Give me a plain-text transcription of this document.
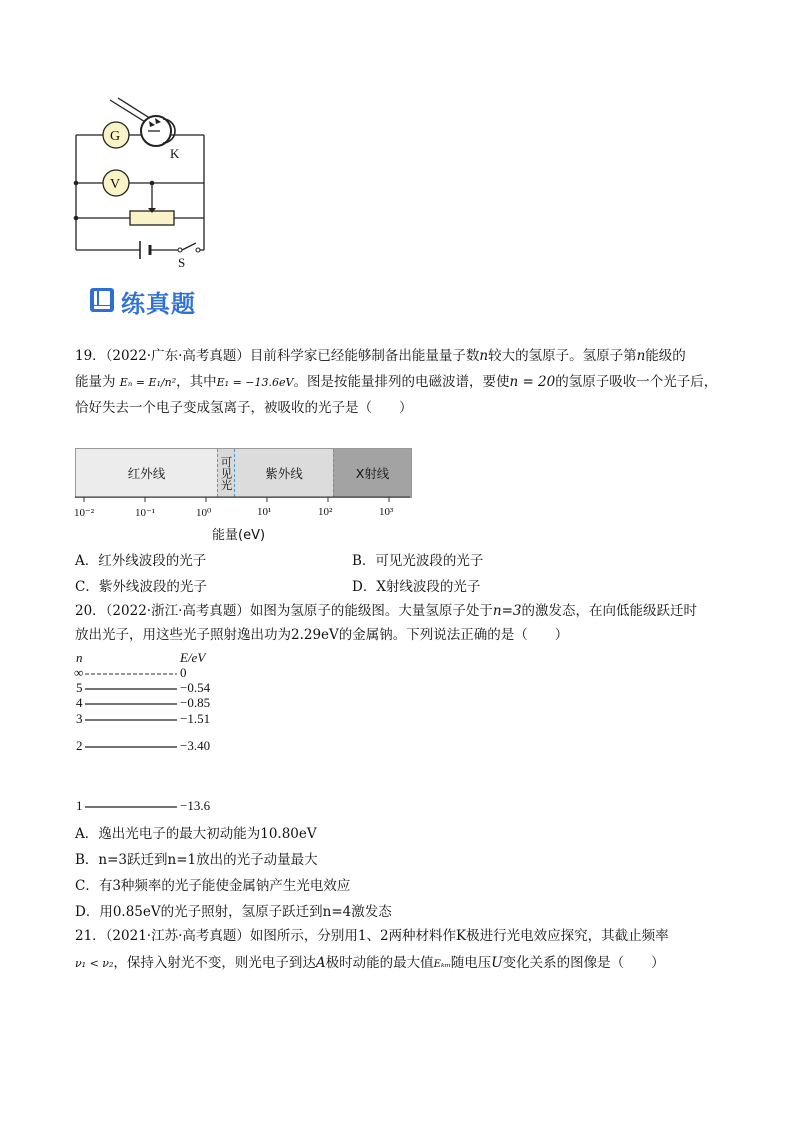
G
V
K
S
练真题
19．（2022·广东·高考真题）目前科学家已经能够制备出能量量子数n较大的氢原子。氢原子第n能级的
能量为 Eₙ = E₁/n²，其中E₁ = −13.6eV。图是按能量排列的电磁波谱，要使n = 20的氢原子吸收一个光子后，
恰好失去一个电子变成氢离子，被吸收的光子是（　　）
红外线	可见光	紫外线	X射线
10⁻²	10⁻¹	10⁰	10¹	10²	10³
能量(eV)
A．红外线波段的光子	B．可见光波段的光子
C．紫外线波段的光子	D．X射线波段的光子
20．（2022·浙江·高考真题）如图为氢原子的能级图。大量氢原子处于n=3的激发态，在向低能级跃迁时
放出光子，用这些光子照射逸出功为2.29eV的金属钠。下列说法正确的是（　　）
n	E/eV
∞	0
5	−0.54
4	−0.85
3	−1.51
2	−3.40
1	−13.6
A．逸出光电子的最大初动能为10.80eV
B．n=3跃迁到n=1放出的光子动量最大
C．有3种频率的光子能使金属钠产生光电效应
D．用0.85eV的光子照射，氢原子跃迁到n=4激发态
21．（2021·江苏·高考真题）如图所示，分别用1、2两种材料作K极进行光电效应探究，其截止频率
ν₁ < ν₂，保持入射光不变，则光电子到达A极时动能的最大值Eₖₘ随电压U变化关系的图像是（　　）
